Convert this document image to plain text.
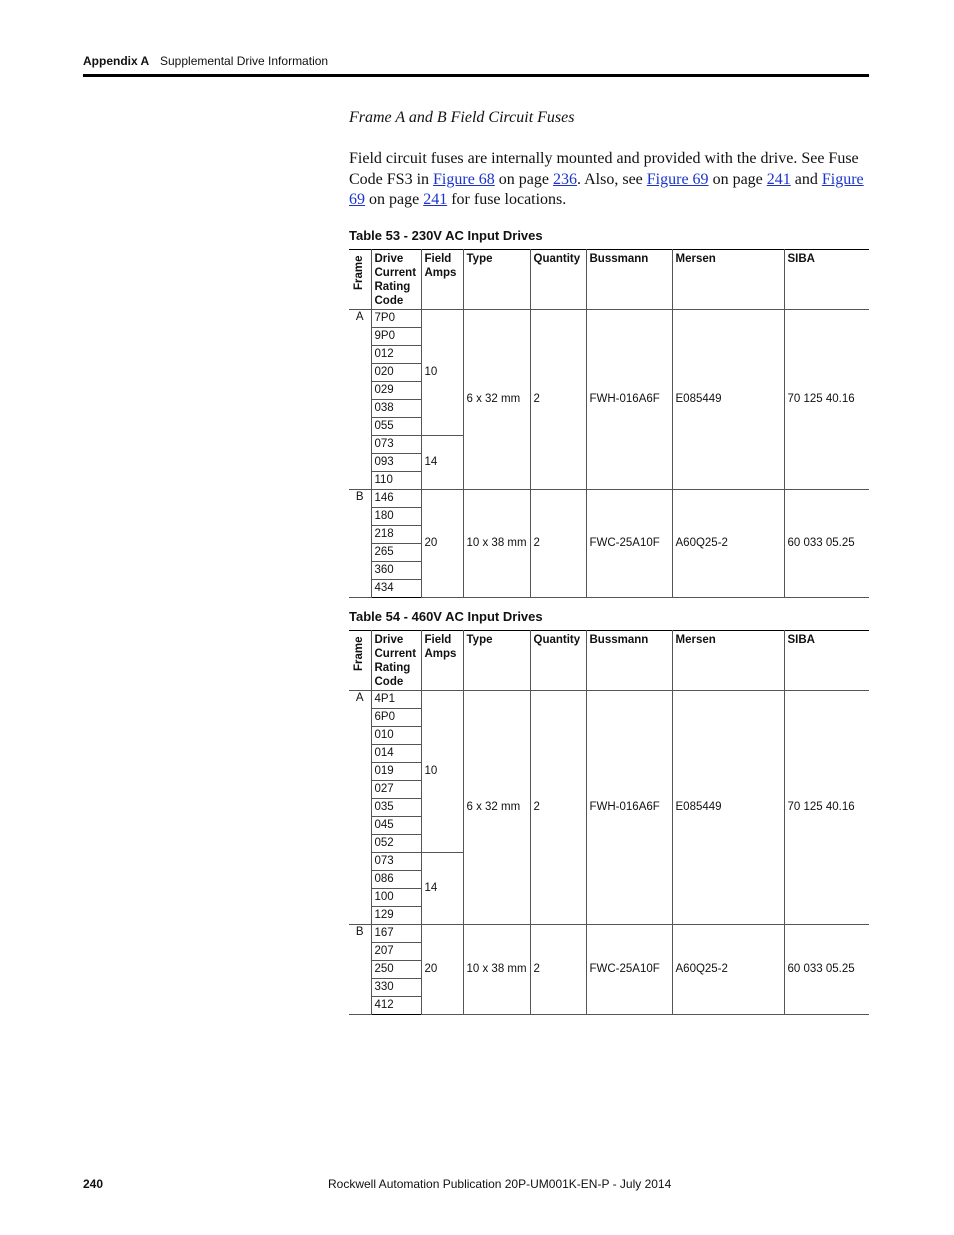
Appendix A Supplemental Drive Information
Frame A and B Field Circuit Fuses
Field circuit fuses are internally mounted and provided with the drive. See Fuse Code FS3 in Figure 68 on page 236. Also, see Figure 69 on page 241 and Figure 69 on page 241 for fuse locations.
Table 53 - 230V AC Input Drives
Frame	Drive Current Rating Code	Field Amps	Type	Quantity	Bussmann	Mersen	SIBA
A	7P0	10	6 x 32 mm	2	FWH-016A6F	E085449	70 125 40.16
	9P0						
	012						
	020						
	029						
	038						
	055						
	073	14					
	093						
	110						
B	146	20	10 x 38 mm	2	FWC-25A10F	A60Q25-2	60 033 05.25
	180						
	218						
	265						
	360						
	434						
Table 54 - 460V AC Input Drives
Frame	Drive Current Rating Code	Field Amps	Type	Quantity	Bussmann	Mersen	SIBA
A	4P1	10	6 x 32 mm	2	FWH-016A6F	E085449	70 125 40.16
	6P0						
	010						
	014						
	019						
	027						
	035						
	045						
	052						
	073	14					
	086						
	100						
	129						
B	167	20	10 x 38 mm	2	FWC-25A10F	A60Q25-2	60 033 05.25
	207						
	250						
	330						
	412						
240	Rockwell Automation Publication 20P-UM001K-EN-P - July 2014
